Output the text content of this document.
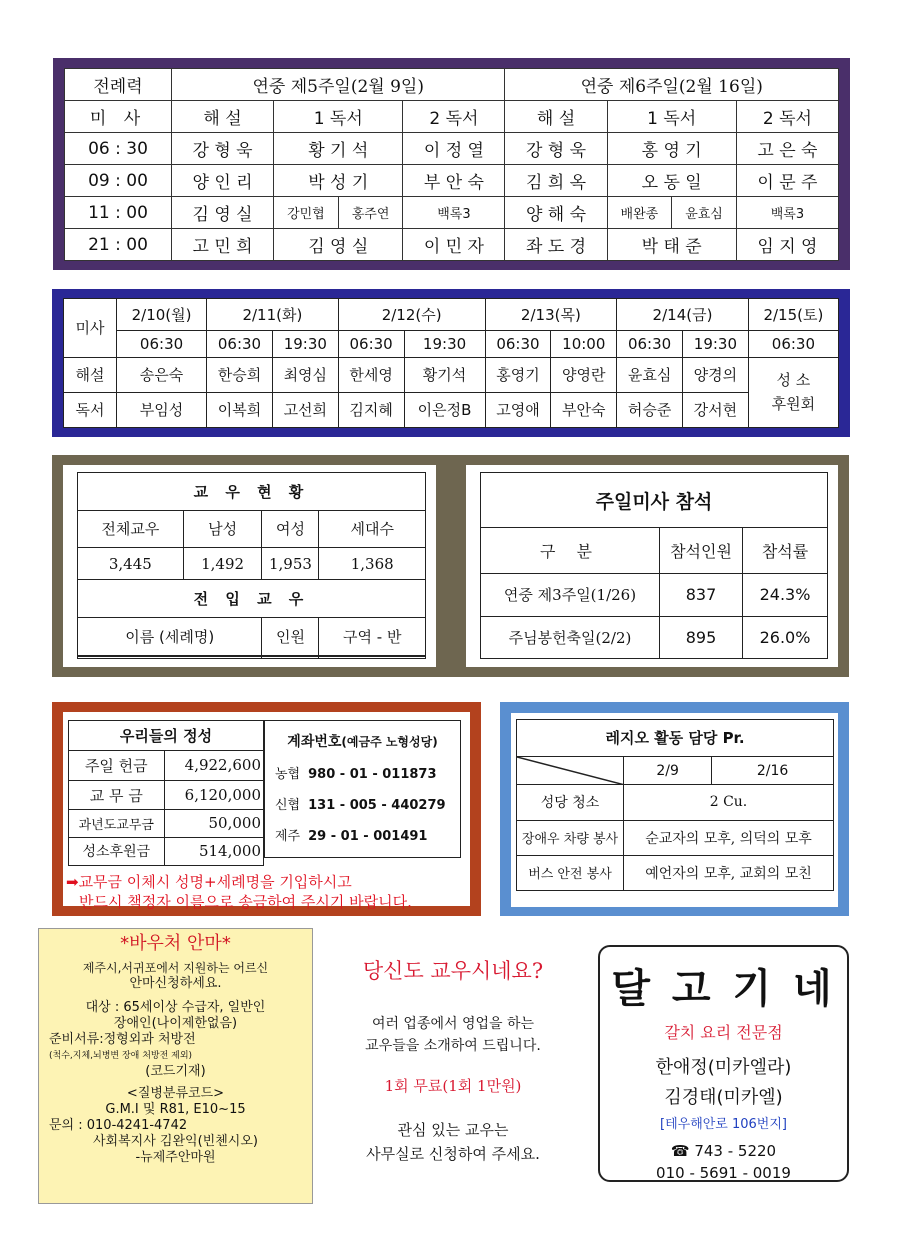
전례력	연중 제5주일(2월 9일)				연중 제6주일(2월 16일)			
미 사	해 설	1 독서		2 독서	해 설	1 독서		2 독서
06 : 30	강 형 욱	황 기 석		이 정 열	강 형 욱	홍 영 기		고 은 숙
09 : 00	양 인 리	박 성 기		부 안 숙	김 희 옥	오 동 일		이 문 주
11 : 00	김 영 실	강민협	홍주연	백록3	양 해 숙	배완종	윤효심	백록3
21 : 00	고 민 희	김 영 실		이 민 자	좌 도 경	박 태 준		임 지 영
미사	2/10(월)	2/11(화)		2/12(수)		2/13(목)		2/14(금)		2/15(토)
	06:30	06:30	19:30	06:30	19:30	06:30	10:00	06:30	19:30	06:30
해설	송은숙	한승희	최영심	한세영	황기석	홍영기	양영란	윤효심	양경의	성 소
후원회
독서	부임성	이복희	고선희	김지혜	이은정B	고영애	부안숙	허승준	강서현	
교 우 현 황			
전체교우	남성	여성	세대수
3,445	1,492	1,953	1,368
전 입 교 우			
이름 (세례명)		인원	구역 - 반

주일미사 참석		
구 분	참석인원	참석률
연중 제3주일(1/26)	837	24.3%
주님봉헌축일(2/2)	895	26.0%
우리들의 정성	
주일 헌금	4,922,600
교 무 금	6,120,000
과년도교무금	50,000
성소후원금	514,000
계좌번호(예금주 노형성당)
농협 980 - 01 - 011873
신협 131 - 005 - 440279
제주 29 - 01 - 001491
➡교무금 이체시 성명+세례명을 기입하시고
반드시 책정자 이름으로 송금하여 주시기 바랍니다.
레지오 활동 담당 Pr.		

	2/9	2/16
성당 청소	2 Cu.	
장애우 차량 봉사	순교자의 모후, 의덕의 모후	
버스 안전 봉사	예언자의 모후, 교회의 모친	
*바우처 안마*
제주시,서귀포에서 지원하는 어르신
안마신청하세요.
대상 : 65세이상 수급자, 일반인
장애인(나이제한없음)
준비서류:정형외과 처방전
(척수,지체,뇌병변 장애 처방전 제외)
(코드기재)
<질병분류코드>
G.M.I 및 R81, E10~15
문의 : 010-4241-4742
사회복지사 김완익(빈첸시오)
-뉴제주안마원
당신도 교우시네요?
여러 업종에서 영업을 하는
교우들을 소개하여 드립니다.
1회 무료(1회 1만원)
관심 있는 교우는
사무실로 신청하여 주세요.
달 고 기 네
갈치 요리 전문점
한애정(미카엘라)
김경태(미카엘)
[테우해안로 106번지]
☎ 743 - 5220
010 - 5691 - 0019
